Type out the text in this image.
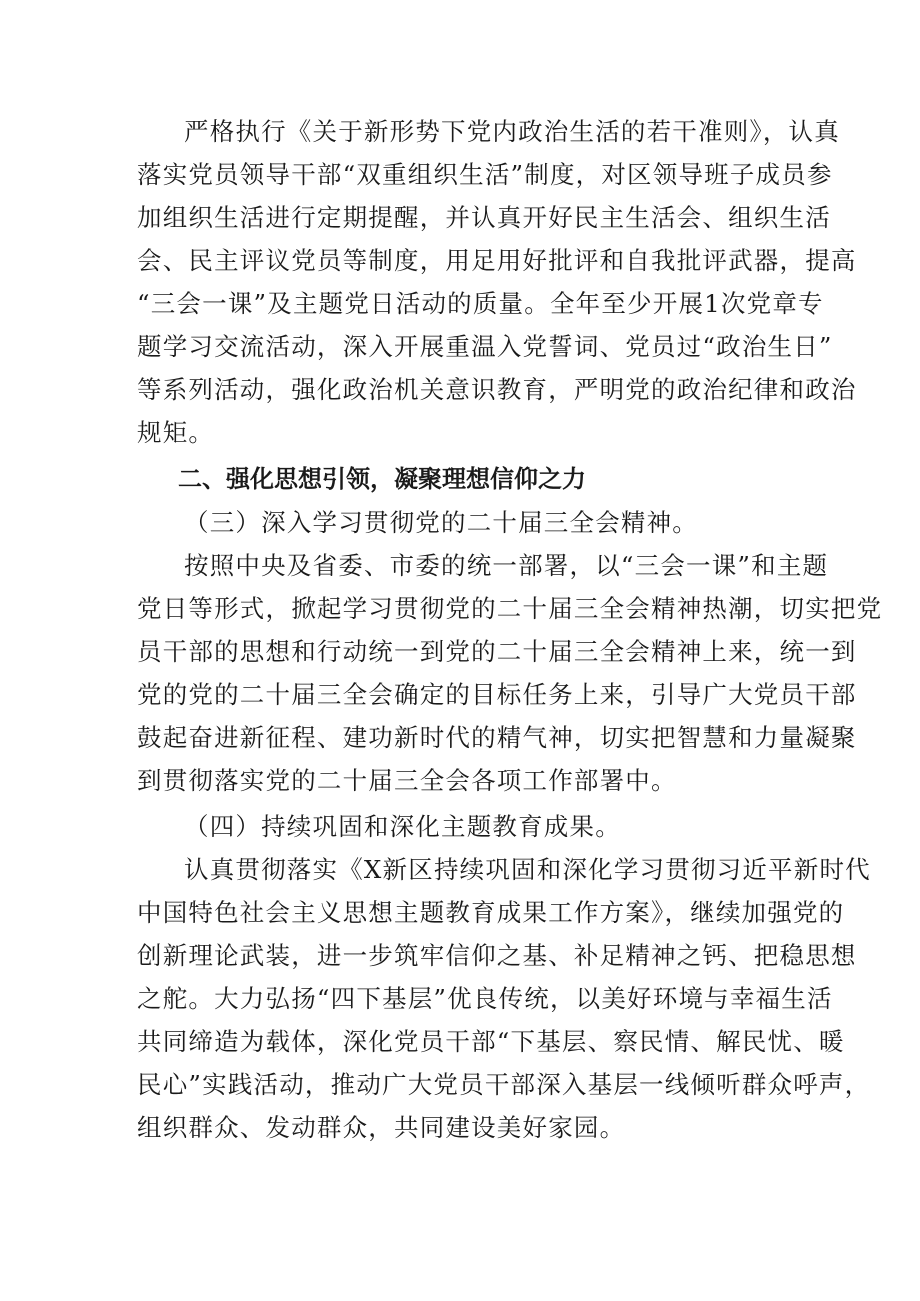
严格执行《关于新形势下党内政治生活的若干准则》，认真
落实党员领导干部“双重组织生活”制度，对区领导班子成员参
加组织生活进行定期提醒，并认真开好民主生活会、组织生活
会、民主评议党员等制度，用足用好批评和自我批评武器，提高
“三会一课”及主题党日活动的质量。全年至少开展1次党章专
题学习交流活动，深入开展重温入党誓词、党员过“政治生日”
等系列活动，强化政治机关意识教育，严明党的政治纪律和政治
规矩。
二、强化思想引领，凝聚理想信仰之力
（三）深入学习贯彻党的二十届三全会精神。
按照中央及省委、市委的统一部署，以“三会一课”和主题
党日等形式，掀起学习贯彻党的二十届三全会精神热潮，切实把党
员干部的思想和行动统一到党的二十届三全会精神上来，统一到
党的党的二十届三全会确定的目标任务上来，引导广大党员干部
鼓起奋进新征程、建功新时代的精气神，切实把智慧和力量凝聚
到贯彻落实党的二十届三全会各项工作部署中。
（四）持续巩固和深化主题教育成果。
认真贯彻落实《X新区持续巩固和深化学习贯彻习近平新时代
中国特色社会主义思想主题教育成果工作方案》，继续加强党的
创新理论武装，进一步筑牢信仰之基、补足精神之钙、把稳思想
之舵。大力弘扬“四下基层”优良传统，以美好环境与幸福生活
共同缔造为载体，深化党员干部“下基层、察民情、解民忧、暖
民心”实践活动，推动广大党员干部深入基层一线倾听群众呼声，
组织群众、发动群众，共同建设美好家园。
